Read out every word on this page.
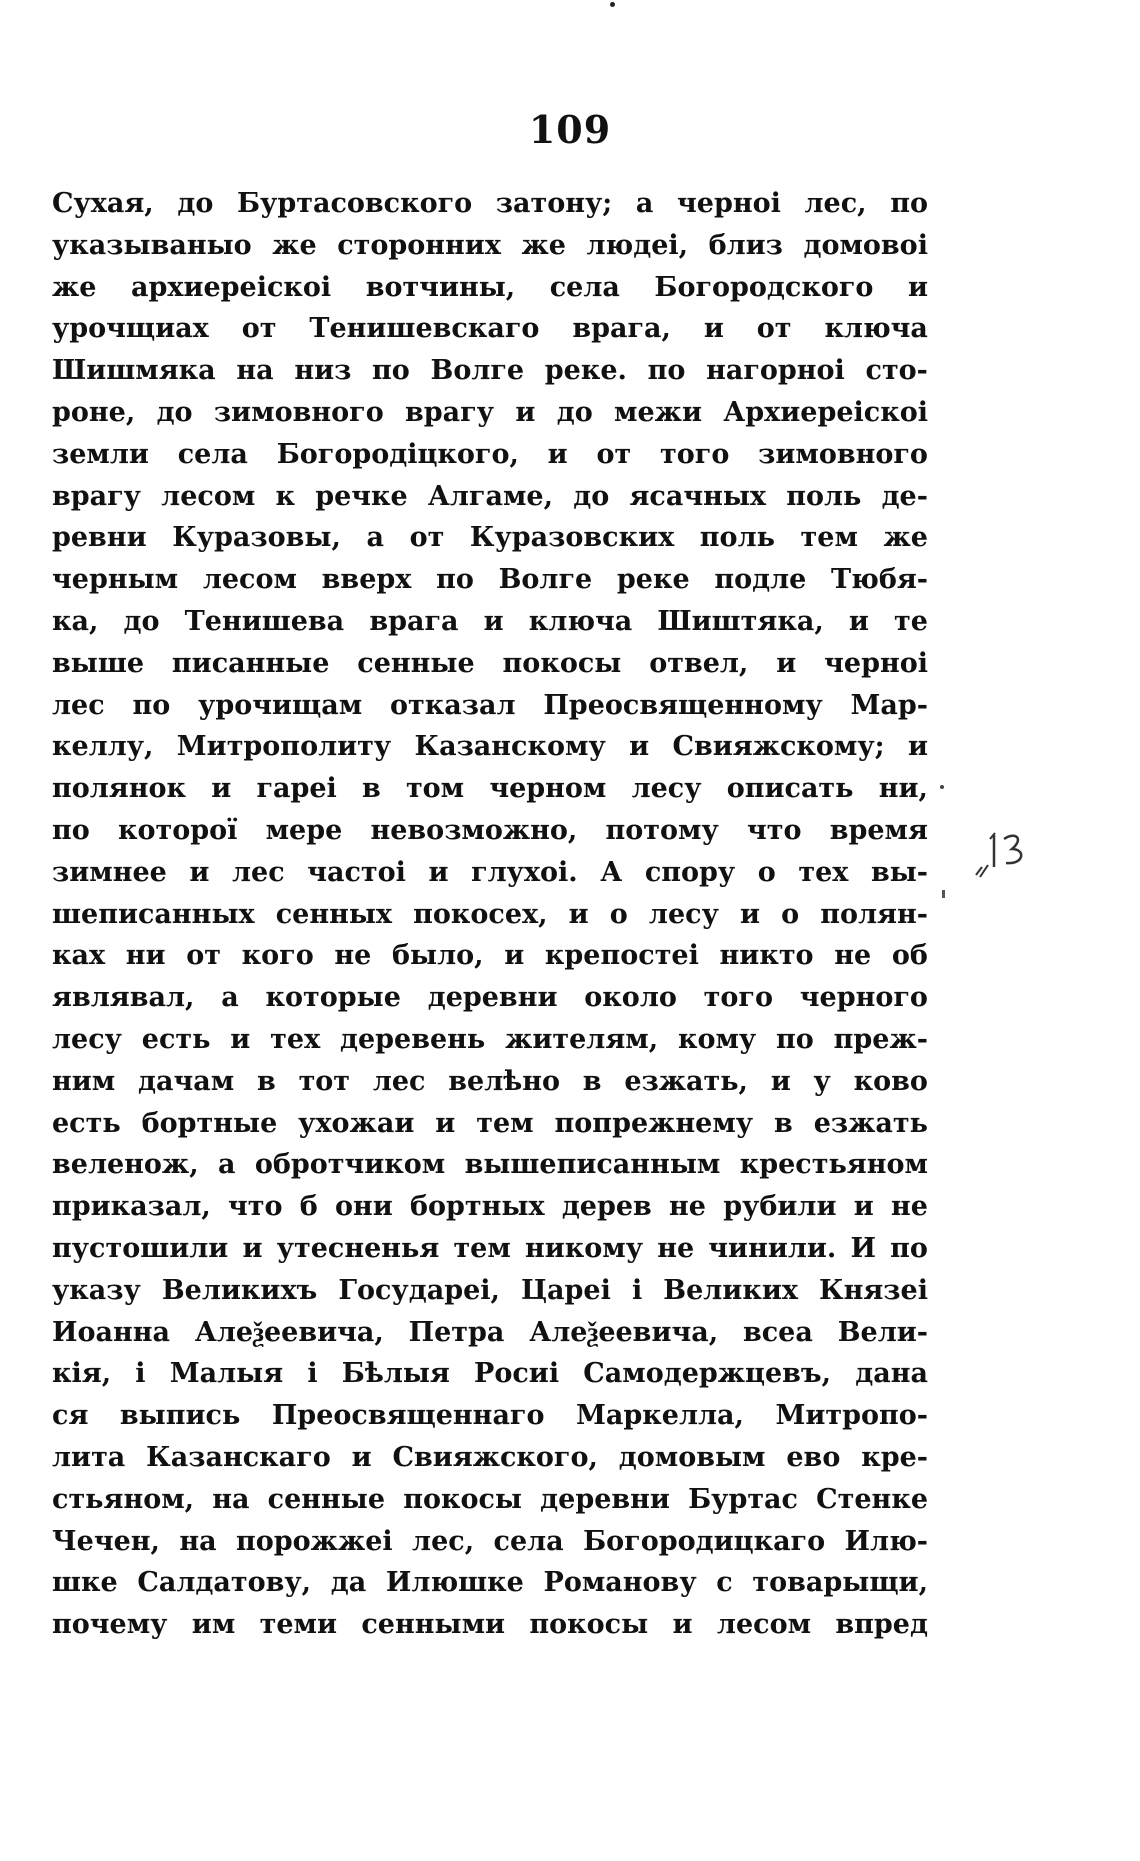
109
Сухая, до Буртасовского затону; а черноі лес, по
указываныо же сторонних же людеі, близ домовоі
же архиереіскоі вотчины, села Богородского и
урочщиах от Тенишевскаго врага, и от ключа
Шишмяка на низ по Волге реке. по нагорноі сто-
роне, до зимовного врагу и до межи Архиереіскоі
земли села Богородіцкого, и от того зимовного
врагу лесом к речке Алгаме, до ясачных поль де-
ревни Куразовы, а от Куразовских поль тем же
черным лесом вверх по Волге реке подле Тюбя-
ка, до Тенишева врага и ключа Шиштяка, и те
выше писанные сенные покосы отвел, и черноі
лес по урочищам отказал Преосвященному Мар-
келлу, Митрополиту Казанскому и Свияжскому; и
полянок и гареі в том черном лесу описать ни,
по которої мере невозможно, потому что время
зимнее и лес частоі и глухоі. А спору о тех вы-
шеписанных сенных покосех, и о лесу и о полян-
ках ни от кого не было, и крепостеі никто не об
являвал, а которые деревни около того черного
лесу есть и тех деревень жителям, кому по преж-
ним дачам в тот лес велѣно в езжать, и у ково
есть бортные ухожаи и тем попрежнему в езжать
веленож, а обротчиком вышеписанным крестьяном
приказал, что б они бортных дерев не рубили и не
пустошили и утесненья тем никому не чинили. И по
указу Великихъ Государеі, Цареі і Великих Князеі
Иоанна Алеѯеевича, Петра Алеѯеевича, всеа Вели-
кія, і Малыя і Бѣлыя Росиі Самодержцевъ, дана
ся выпись Преосвященнаго Маркелла, Митропо-
лита Казанскаго и Свияжского, домовым ево кре-
стьяном, на сенные покосы деревни Буртас Стенке
Чечен, на порожжеі лес, села Богородицкаго Илю-
шке Салдатову, да Илюшке Романову с товарыщи,
почему им теми сенными покосы и лесом впред
